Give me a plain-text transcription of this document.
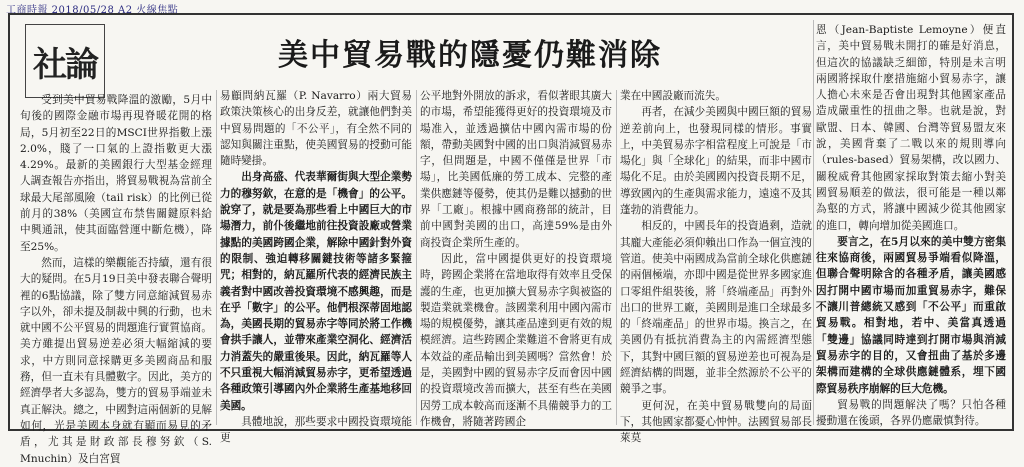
工商時報 2018/05/28 A2 火線焦點
社論	美中貿易戰的隱憂仍難消除

受到美中貿易戰降溫的激勵，5月中旬後的國際金融市場再現脊暖花開的格局，5月初至22日的MSCI世界指數上漲2.0%，賤了一口氣的上證指數更大漲4.29%。最新的美國銀行大型基金經理人調查報告亦指出，將貿易戰視為當前全球最大尾部風險（tail risk）的比例已從前月的38%（美國宣布禁售關鍵原料給中興通訊，使其面臨營運中斷危機），降至25%。

然而，這樣的樂觀能否持續，還有很大的疑問。在5月19日美中發表聯合聲明裡的6點協議，除了雙方同意縮減貿易赤字以外，卻未提及制裁中興的行動，也未就中國不公平貿易的問題進行實質協商。美方雖提出貿易逆差必須大幅縮減的要求，中方則同意採購更多美國商品和服務，但一直未有具體數字。因此，美方的經濟學者大多認為，雙方的貿易爭端並未真正解決。總之，中國對這兩個新的見解如何，光是美國本身就有顯而易見的矛盾，尤其是財政部長穆努欽（S. Mnuchin）及白宮貿

易顧問納瓦羅（P. Navarro）兩大貿易政策決策核心的出身反差，就讓他們對美中貿易問題的「不公平」，有全然不同的認知與關注重點，使美國貿易的授動可能隨時變掛。

出身高盛、代表華爾街與大型企業勢力的穆努欽，在意的是「機會」的公平。說穿了，就是要為那些看上中國巨大的市場潛力，前仆後繼地前往投資設廠或營業據點的美國跨國企業，解除中國針對外資的限制、強迫轉移關鍵技術等諸多緊箍咒；相對的，納瓦羅所代表的經濟民族主義者對中國改善投資環境不感興趣，而是在乎「數字」的公平。他們根深蒂固地認為，美國長期的貿易赤字等同於將工作機會拱手讓人，並帶來產業空洞化、經濟活力消蓋失的嚴重後果。因此，納瓦羅等人不只重視大幅消減貿易赤字，更希望透過各種政策引導國內外企業將生產基地移回美國。

具體地說，那些要求中國投資環境能更

公平地對外開放的訴求，看似著眼其廣大的市場，希望能獲得更好的投資環境及市場准入，並透過擴估中國內需市場的份額，帶動美國對中國的出口與消減貿易赤字，但問題是，中國不僅僅是世界「市場」，比美國低廉的勞工成本、完整的產業供應鏈等優勢，使其仍是難以撼動的世界「工廠」。根據中國商務部的統計，目前中國對美國的出口，高達59%是由外商投資企業所生產的。

因此，當中國提供更好的投資環境時，跨國企業將在當地取得有效率且受保護的生產，也更加擴大貿易赤字與被盜的製造業就業機會。該國業利用中國內需市場的規模優勢，讓其產品達到更有效的規模經濟。這些跨國企業難道不會將更有成本效益的產品輸出到美國嗎？當然會！於是，美國對中國的貿易赤字反而會因中國的投資環境改善而擴大，甚至有些在美國因勞工成本較高而逐漸不具備競爭力的工作機會，將隨著跨國企

業在中國設廠而流失。

再者，在減少美國與中國巨額的貿易逆差前向上，也發現同樣的情形。事實上，中美貿易赤字相當程度上可說是「市場化」與「全球化」的結果，而非中國市場化不足。由於美國國內投資長期不足，導致國內的生產與需求能力，遠遠不及其蓬勃的消費能力。

相反的，中國長年的投資過剩，造就其龐大產能必須仰賴出口作為一個宣洩的管道。使美中兩國成為當前全球化供應鏈的兩個極端，亦即中國是從世界多國家進口零組件組裝後，將「終端產品」再對外出口的世界工廠，美國則是進口全球最多的「終端產品」的世界市場。換言之，在美國仍有抵抗消費為主的內需經濟型態下，其對中國巨額的貿易逆差也可視為是經濟結構的問題，並非全然源於不公平的競爭之事。

更何況，在美中貿易戰雙向的局面下，其他國家都憂心忡忡。法國貿易部長萊莫

恩（Jean-Baptiste Lemoyne）便直言，美中貿易戰未開打的確是好消息，但這次的協議缺乏細節，特別是未言明兩國將採取什麼措施縮小貿易赤字，讓人擔心未來是否會出現對其他國家產品造成嚴重性的扭曲之舉。也就是說，對歐盟、日本、韓國、台灣等貿易盟友來說，美國背棄了二戰以來的規則導向（rules-based）貿易架構，改以國力、關稅威脅其他國家採取對策去縮小對美國貿易順差的做法，很可能是一種以鄰為壑的方式，將讓中國減少從其他國家的進口，轉向增加從美國進口。

要言之，在5月以來的美中雙方密集往來協商後，兩國貿易爭端看似降溫，但聯合聲明除含的各種矛盾，讓美國感因打開中國市場而加重貿易赤字，難保不讓川普總統又感到「不公平」而重啟貿易戰。相對地，若中、美當真透過「雙邊」協議同時達到打開市場與消減貿易赤字的目的，又會扭曲了基於多邊架構而建構的全球供應鏈體系，埋下國際貿易秩序崩解的巨大危機。

貿易戰的問題解決了嗎？只怕各種擾動還在後頭，各界仍應嚴慎對待。
